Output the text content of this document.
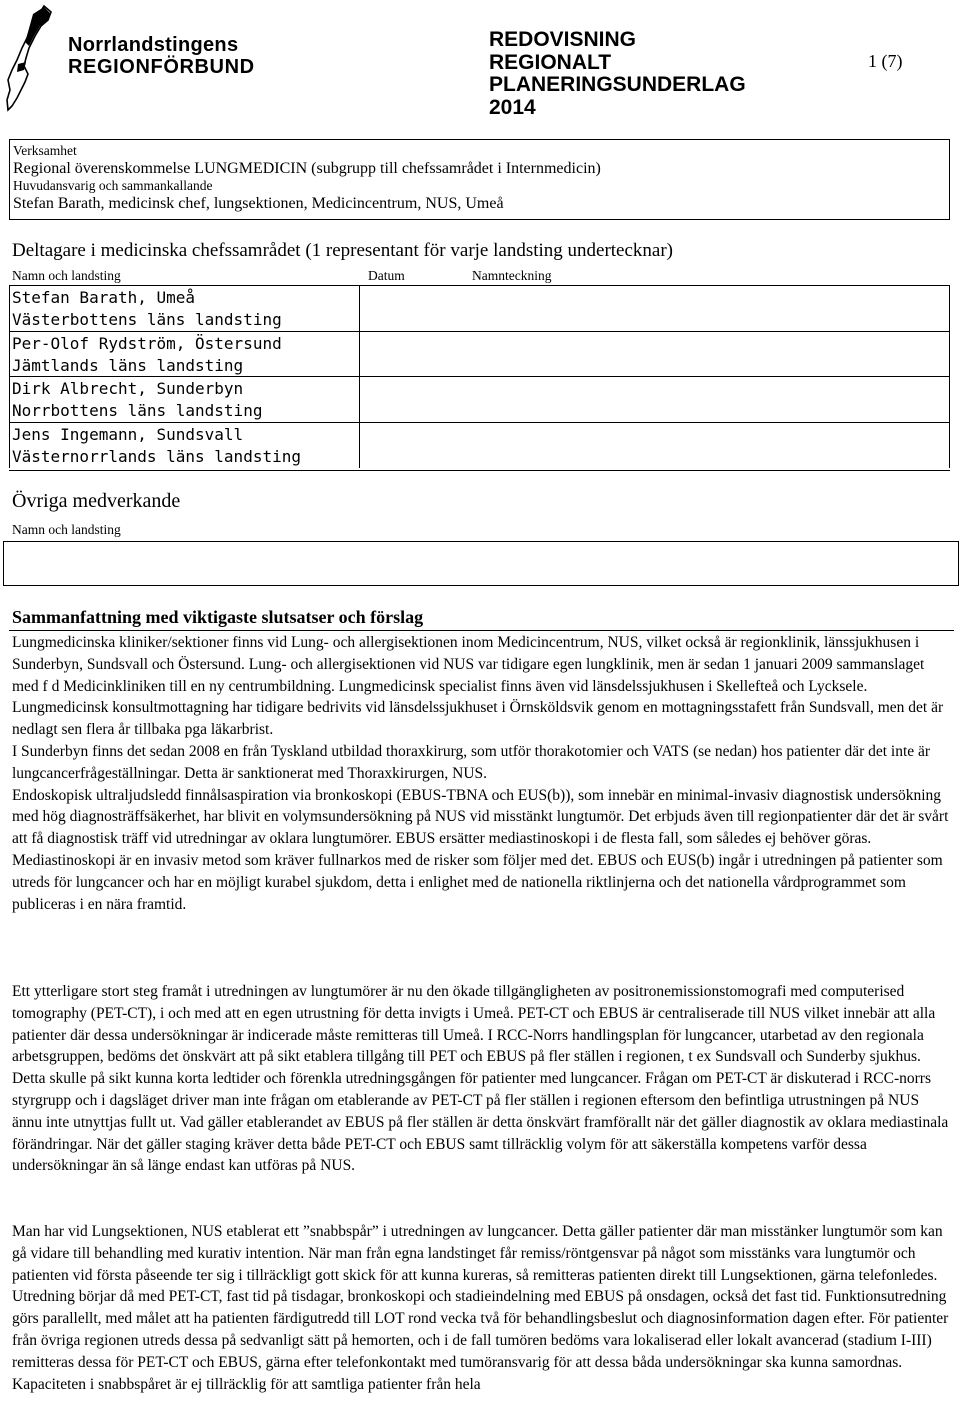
Norrlandstingens
REGIONFÖRBUND
REDOVISNING
REGIONALT
PLANERINGSUNDERLAG
2014
1 (7)
Verksamhet
Regional överenskommelse LUNGMEDICIN (subgrupp till chefssamrådet i Internmedicin)
Huvudansvarig och sammankallande
Stefan Barath, medicinsk chef, lungsektionen, Medicincentrum, NUS, Umeå
Deltagare i medicinska chefssamrådet (1 representant för varje landsting undertecknar)
Namn och landsting	Datum	Namnteckning
Stefan Barath, Umeå
Västerbottens läns landsting
Per-Olof Rydström, Östersund
Jämtlands läns landsting
Dirk Albrecht, Sunderbyn
Norrbottens läns landsting
Jens Ingemann, Sundsvall
Västernorrlands läns landsting
Övriga medverkande
Namn och landsting
Sammanfattning med viktigaste slutsatser och förslag

Lungmedicinska kliniker/sektioner finns vid Lung- och allergisektionen inom Medicincentrum, NUS, vilket också är regionklinik, länssjukhusen i Sunderbyn, Sundsvall och Östersund. Lung- och allergisektionen vid NUS var tidigare egen lungklinik, men är sedan 1 januari 2009 sammanslaget med f d Medicinkliniken till en ny centrumbildning. Lungmedicinsk specialist finns även vid länsdelssjukhusen i Skellefteå och Lycksele. Lungmedicinsk konsultmottagning har tidigare bedrivits vid länsdelssjukhuset i Örnsköldsvik genom en mottagningsstafett från Sundsvall, men det är nedlagt sen flera år tillbaka pga läkarbrist.

I Sunderbyn finns det sedan 2008 en från Tyskland utbildad thoraxkirurg, som utför thorakotomier och VATS (se nedan) hos patienter där det inte är lungcancerfrågeställningar. Detta är sanktionerat med Thoraxkirurgen, NUS.

Endoskopisk ultraljudsledd finnålsaspiration via bronkoskopi (EBUS-TBNA och EUS(b)), som innebär en minimal-invasiv diagnostisk undersökning med hög diagnosträffsäkerhet, har blivit en volymsundersökning på NUS vid misstänkt lungtumör. Det erbjuds även till regionpatienter där det är svårt att få diagnostisk träff vid utredningar av oklara lungtumörer. EBUS ersätter mediastinoskopi i de flesta fall, som således ej behöver göras. Mediastinoskopi är en invasiv metod som kräver fullnarkos med de risker som följer med det. EBUS och EUS(b) ingår i utredningen på patienter som utreds för lungcancer och har en möjligt kurabel sjukdom, detta i enlighet med de nationella riktlinjerna och det nationella vårdprogrammet som publiceras i en nära framtid.

Ett ytterligare stort steg framåt i utredningen av lungtumörer är nu den ökade tillgängligheten av positronemissionstomografi med computerised tomography (PET-CT), i och med att en egen utrustning för detta invigts i Umeå. PET-CT och EBUS är centraliserade till NUS vilket innebär att alla patienter där dessa undersökningar är indicerade måste remitteras till Umeå. I RCC-Norrs handlingsplan för lungcancer, utarbetad av den regionala arbetsgruppen, bedöms det önskvärt att på sikt etablera tillgång till PET och EBUS på fler ställen i regionen, t ex Sundsvall och Sunderby sjukhus. Detta skulle på sikt kunna korta ledtider och förenkla utredningsgången för patienter med lungcancer. Frågan om PET-CT är diskuterad i RCC-norrs styrgrupp och i dagsläget driver man inte frågan om etablerande av PET-CT på fler ställen i regionen eftersom den befintliga utrustningen på NUS ännu inte utnyttjas fullt ut. Vad gäller etablerandet av EBUS på fler ställen är detta önskvärt framförallt när det gäller diagnostik av oklara mediastinala förändringar. När det gäller staging kräver detta både PET-CT och EBUS samt tillräcklig volym för att säkerställa kompetens varför dessa undersökningar än så länge endast kan utföras på NUS.

Man har vid Lungsektionen, NUS etablerat ett ”snabbspår” i utredningen av lungcancer. Detta gäller patienter där man misstänker lungtumör som kan gå vidare till behandling med kurativ intention. När man från egna landstinget får remiss/röntgensvar på något som misstänks vara lungtumör och patienten vid första påseende ter sig i tillräckligt gott skick för att kunna kureras, så remitteras patienten direkt till Lungsektionen, gärna telefonledes. Utredning börjar då med PET-CT, fast tid på tisdagar, bronkoskopi och stadieindelning med EBUS på onsdagen, också det fast tid. Funktionsutredning görs parallellt, med målet att ha patienten färdigutredd till LOT rond vecka två för behandlingsbeslut och diagnosinformation dagen efter. För patienter från övriga regionen utreds dessa på sedvanligt sätt på hemorten, och i de fall tumören bedöms vara lokaliserad eller lokalt avancerad (stadium I-III) remitteras dessa för PET-CT och EBUS, gärna efter telefonkontakt med tumöransvarig för att dessa båda undersökningar ska kunna samordnas. Kapaciteten i snabbspåret är ej tillräcklig för att samtliga patienter från hela
